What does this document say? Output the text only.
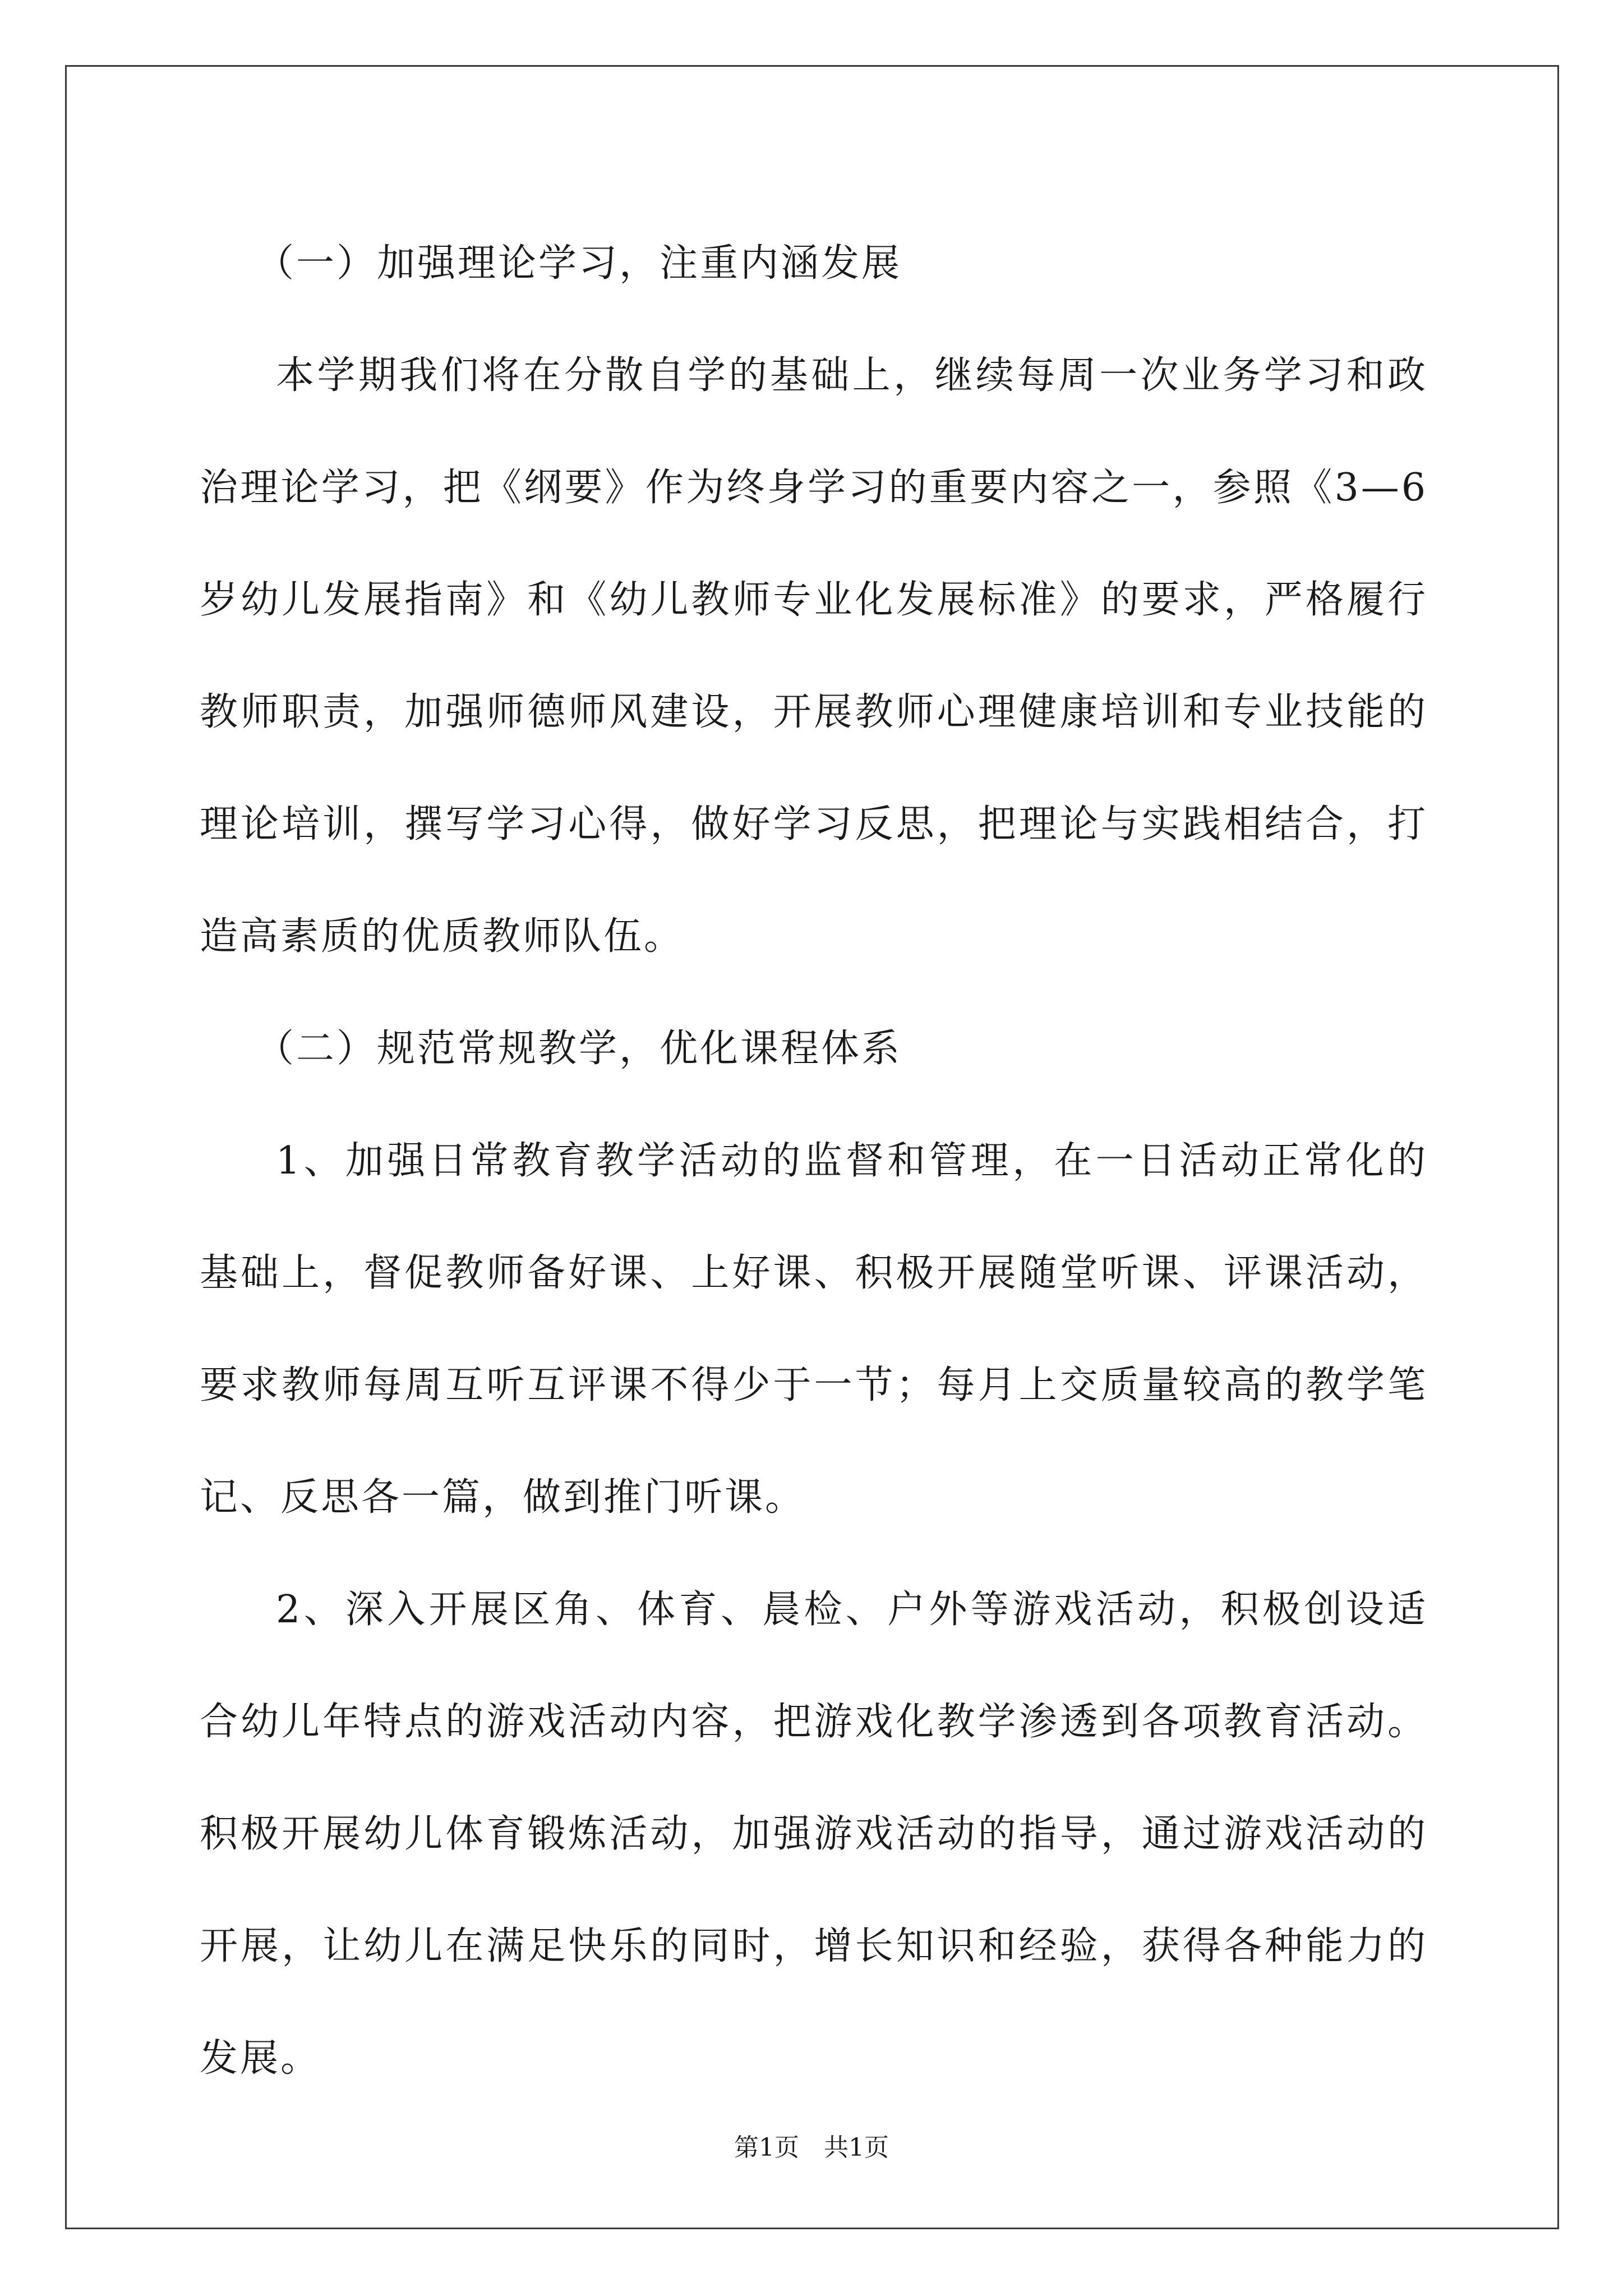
（一）加强理论学习，注重内涵发展

本学期我们将在分散自学的基础上，继续每周一次业务学习和政治理论学习，把《纲要》作为终身学习的重要内容之一，参照《3—6岁幼儿发展指南》和《幼儿教师专业化发展标准》的要求，严格履行教师职责，加强师德师风建设，开展教师心理健康培训和专业技能的理论培训，撰写学习心得，做好学习反思，把理论与实践相结合，打造高素质的优质教师队伍。

（二）规范常规教学，优化课程体系

1、加强日常教育教学活动的监督和管理，在一日活动正常化的基础上，督促教师备好课、上好课、积极开展随堂听课、评课活动，要求教师每周互听互评课不得少于一节；每月上交质量较高的教学笔记、反思各一篇，做到推门听课。

2、深入开展区角、体育、晨检、户外等游戏活动，积极创设适合幼儿年特点的游戏活动内容，把游戏化教学渗透到各项教育活动。积极开展幼儿体育锻炼活动，加强游戏活动的指导，通过游戏活动的开展，让幼儿在满足快乐的同时，增长知识和经验，获得各种能力的发展。

第1页　共1页
